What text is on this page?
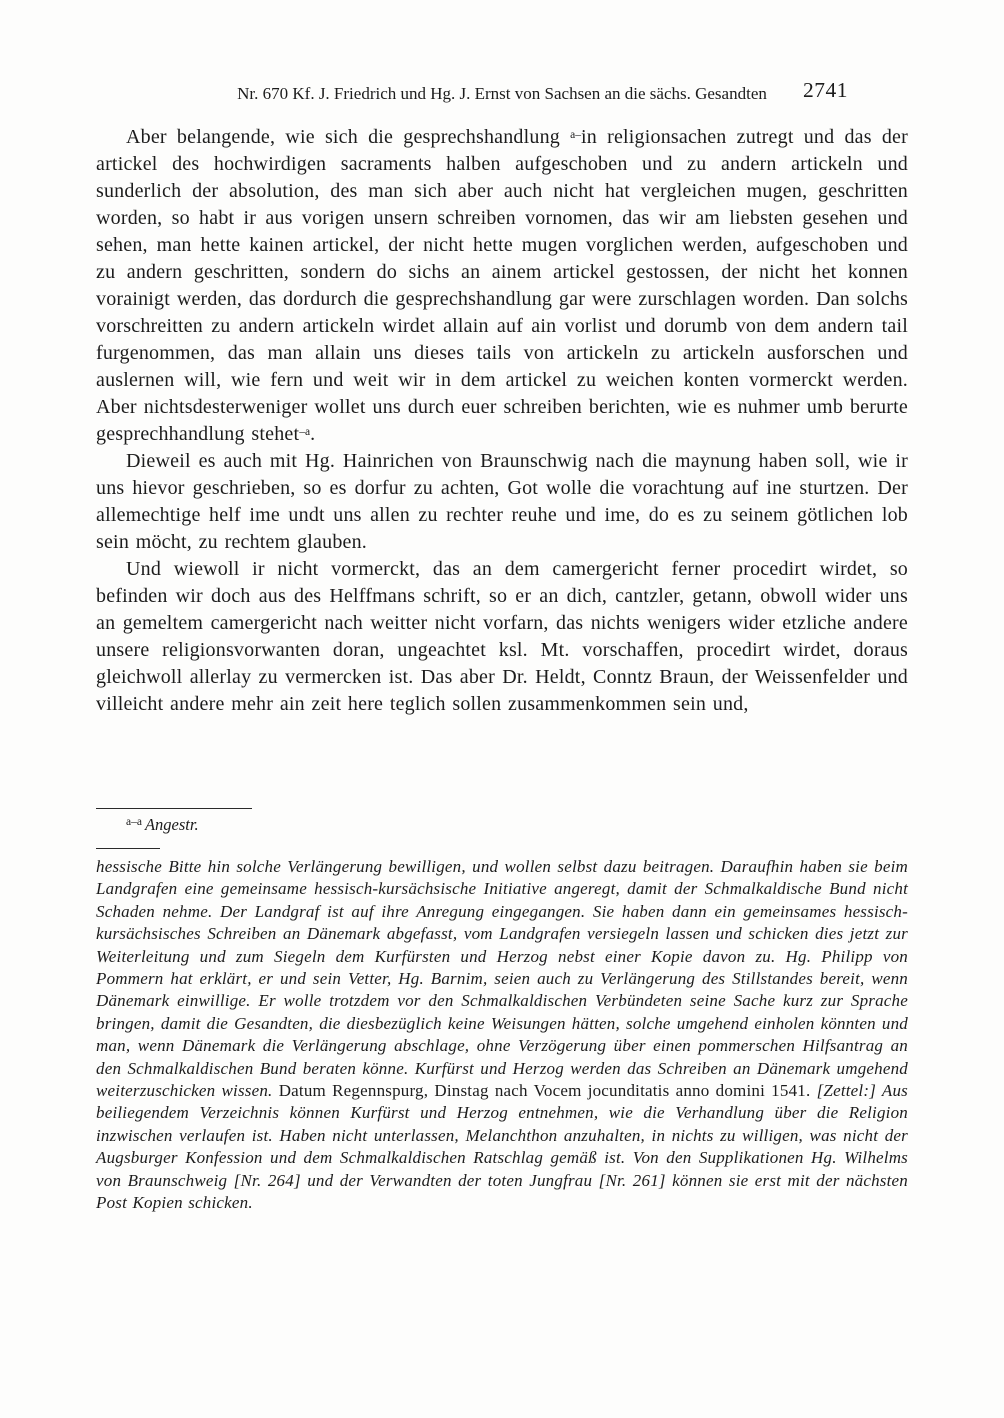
Nr. 670 Kf. J. Friedrich und Hg. J. Ernst von Sachsen an die sächs. Gesandten 2741

Aber belangende, wie sich die gesprechshandlung $^{a-}$in religionsachen zutregt und das der artickel des hochwirdigen sacraments halben aufgeschoben und zu andern artickeln und sunderlich der absolution, des man sich aber auch nicht hat vergleichen mugen, geschritten worden, so habt ir aus vorigen unsern schreiben vornomen, das wir am liebsten gesehen und sehen, man hette kainen artickel, der nicht hette mugen vorglichen werden, aufgeschoben und zu andern geschritten, sondern do sichs an ainem artickel gestossen, der nicht het konnen vorainigt werden, das dordurch die gesprechshandlung gar were zurschlagen worden. Dan solchs vorschreitten zu andern artickeln wirdet allain auf ain vorlist und dorumb von dem andern tail furgenommen, das man allain uns dieses tails von artickeln zu artickeln ausforschen und auslernen will, wie fern und weit wir in dem artickel zu weichen konten vormerckt werden. Aber nichtsdesterweniger wollet uns durch euer schreiben berichten, wie es nuhmer umb berurte gesprechhandlung stehet$^{-a}$.

Dieweil es auch mit Hg. Hainrichen von Braunschwig nach die maynung haben soll, wie ir uns hievor geschrieben, so es dorfur zu achten, Got wolle die vorachtung auf ine sturtzen. Der allemechtige helf ime undt uns allen zu rechter reuhe und ime, do es zu seinem götlichen lob sein möcht, zu rechtem glauben.

Und wiewoll ir nicht vormerckt, das an dem camergericht ferner procedirt wirdet, so befinden wir doch aus des Helffmans schrift, so er an dich, cantzler, getann, obwoll wider uns an gemeltem camergericht nach weitter nicht vorfarn, das nichts wenigers wider etzliche andere unsere religionsvorwanten doran, ungeachtet ksl. Mt. vorschaffen, procedirt wirdet, doraus gleichwoll allerlay zu vermercken ist. Das aber Dr. Heldt, Conntz Braun, der Weissenfelder und villeicht andere mehr ain zeit here teglich sollen zusammenkommen sein und,

$^{a-a}$ Angestr.

hessische Bitte hin solche Verlängerung bewilligen, und wollen selbst dazu beitragen. Daraufhin haben sie beim Landgrafen eine gemeinsame hessisch-kursächsische Initiative angeregt, damit der Schmalkaldische Bund nicht Schaden nehme. Der Landgraf ist auf ihre Anregung eingegangen. Sie haben dann ein gemeinsames hessisch-kursächsisches Schreiben an Dänemark abgefasst, vom Landgrafen versiegeln lassen und schicken dies jetzt zur Weiterleitung und zum Siegeln dem Kurfürsten und Herzog nebst einer Kopie davon zu. Hg. Philipp von Pommern hat erklärt, er und sein Vetter, Hg. Barnim, seien auch zu Verlängerung des Stillstandes bereit, wenn Dänemark einwillige. Er wolle trotzdem vor den Schmalkaldischen Verbündeten seine Sache kurz zur Sprache bringen, damit die Gesandten, die diesbezüglich keine Weisungen hätten, solche umgehend einholen könnten und man, wenn Dänemark die Verlängerung abschlage, ohne Verzögerung über einen pommerschen Hilfsantrag an den Schmalkaldischen Bund beraten könne. Kurfürst und Herzog werden das Schreiben an Dänemark umgehend weiterzuschicken wissen. Datum Regennspurg, Dinstag nach Vocem jocunditatis anno domini 1541. [Zettel:] Aus beiliegendem Verzeichnis können Kurfürst und Herzog entnehmen, wie die Verhandlung über die Religion inzwischen verlaufen ist. Haben nicht unterlassen, Melanchthon anzuhalten, in nichts zu willigen, was nicht der Augsburger Konfession und dem Schmalkaldischen Ratschlag gemäß ist. Von den Supplikationen Hg. Wilhelms von Braunschweig [Nr. 264] und der Verwandten der toten Jungfrau [Nr. 261] können sie erst mit der nächsten Post Kopien schicken.
